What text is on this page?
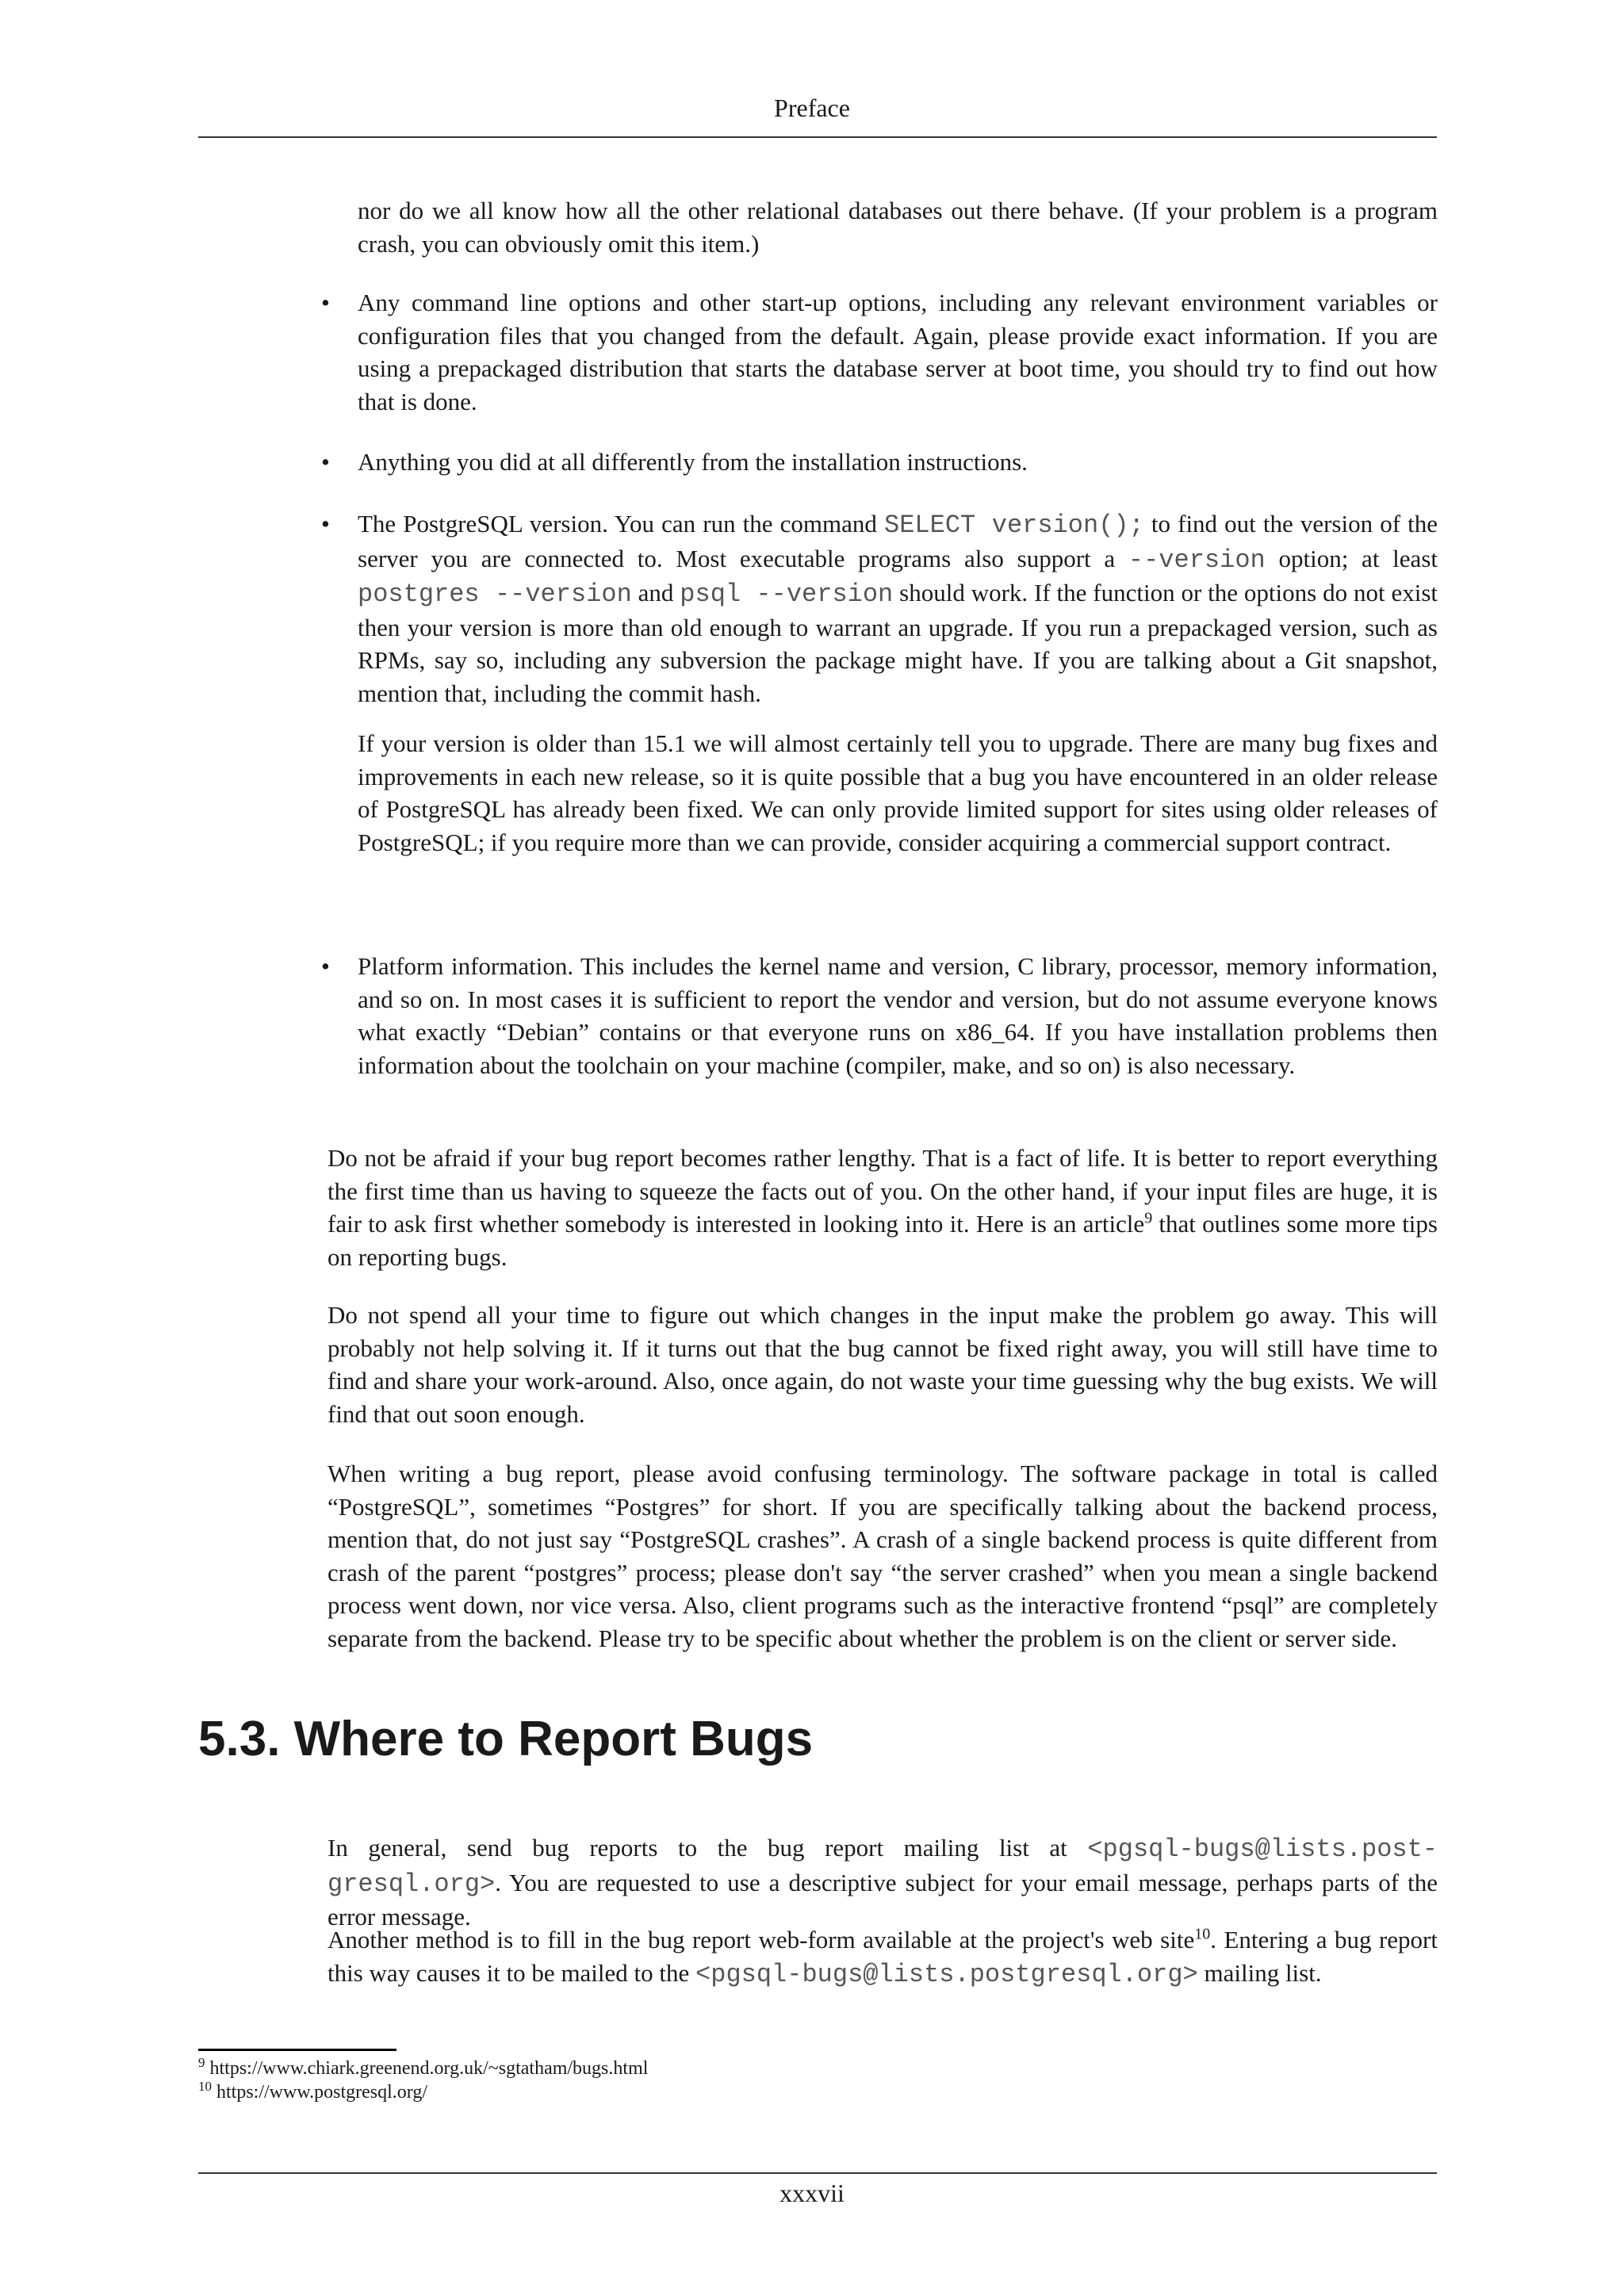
Preface
nor do we all know how all the other relational databases out there behave. (If your problem is a program crash, you can obviously omit this item.)
• Any command line options and other start-up options, including any relevant environment variables or configuration files that you changed from the default. Again, please provide exact information. If you are using a prepackaged distribution that starts the database server at boot time, you should try to find out how that is done.
• Anything you did at all differently from the installation instructions.
• The PostgreSQL version. You can run the command SELECT version(); to find out the version of the server you are connected to. Most executable programs also support a --version option; at least postgres --version and psql --version should work. If the function or the options do not exist then your version is more than old enough to warrant an upgrade. If you run a prepackaged version, such as RPMs, say so, including any subversion the package might have. If you are talking about a Git snapshot, mention that, including the commit hash.
If your version is older than 15.1 we will almost certainly tell you to upgrade. There are many bug fixes and improvements in each new release, so it is quite possible that a bug you have encountered in an older release of PostgreSQL has already been fixed. We can only provide limited support for sites using older releases of PostgreSQL; if you require more than we can provide, consider acquiring a commercial support contract.
• Platform information. This includes the kernel name and version, C library, processor, memory information, and so on. In most cases it is sufficient to report the vendor and version, but do not assume everyone knows what exactly “Debian” contains or that everyone runs on x86_64. If you have installation problems then information about the toolchain on your machine (compiler, make, and so on) is also necessary.
Do not be afraid if your bug report becomes rather lengthy. That is a fact of life. It is better to report everything the first time than us having to squeeze the facts out of you. On the other hand, if your input files are huge, it is fair to ask first whether somebody is interested in looking into it. Here is an article$^9$ that outlines some more tips on reporting bugs.
Do not spend all your time to figure out which changes in the input make the problem go away. This will probably not help solving it. If it turns out that the bug cannot be fixed right away, you will still have time to find and share your work-around. Also, once again, do not waste your time guessing why the bug exists. We will find that out soon enough.
When writing a bug report, please avoid confusing terminology. The software package in total is called “PostgreSQL”, sometimes “Postgres” for short. If you are specifically talking about the backend process, mention that, do not just say “PostgreSQL crashes”. A crash of a single backend process is quite different from crash of the parent “postgres” process; please don't say “the server crashed” when you mean a single backend process went down, nor vice versa. Also, client programs such as the interactive frontend “psql” are completely separate from the backend. Please try to be specific about whether the problem is on the client or server side.
5.3. Where to Report Bugs
In general, send bug reports to the bug report mailing list at <pgsql-bugs@lists.post-gresql.org>. You are requested to use a descriptive subject for your email message, perhaps parts of the error message.
Another method is to fill in the bug report web-form available at the project's web site$^{10}$. Entering a bug report this way causes it to be mailed to the <pgsql-bugs@lists.postgresql.org> mailing list.
$^9$ https://www.chiark.greenend.org.uk/~sgtatham/bugs.html
$^{10}$ https://www.postgresql.org/
xxxvii
